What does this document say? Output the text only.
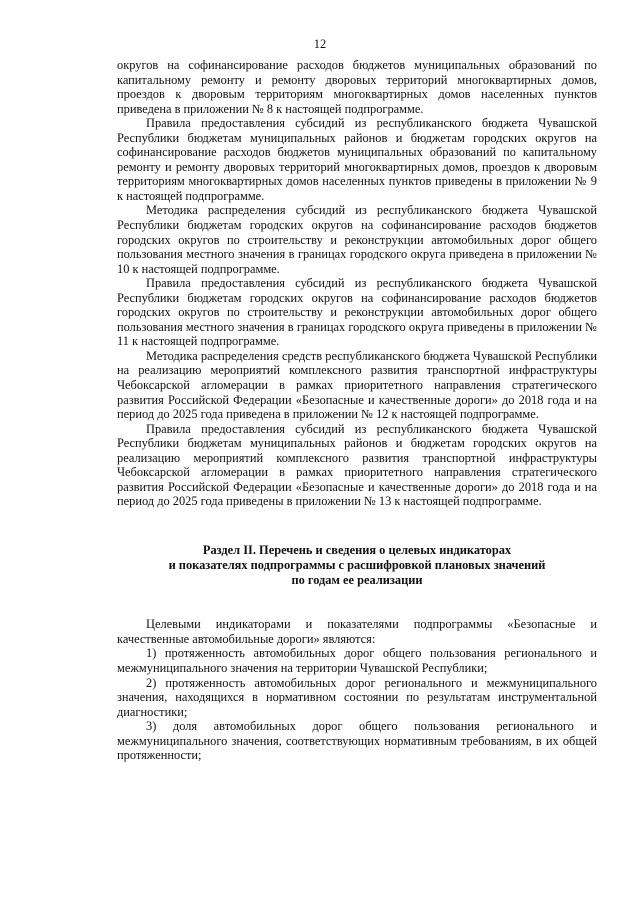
12

округов на софинансирование расходов бюджетов муниципальных образований по капитальному ремонту и ремонту дворовых территорий многоквартирных домов, проездов к дворовым территориям многоквартирных домов населенных пунктов приведена в приложении № 8 к настоящей подпрограмме.

Правила предоставления субсидий из республиканского бюджета Чувашской Республики бюджетам муниципальных районов и бюджетам городских округов на софинансирование расходов бюджетов муниципальных образований по капитальному ремонту и ремонту дворовых территорий многоквартирных домов, проездов к дворовым территориям многоквартирных домов населенных пунктов приведены в приложении № 9 к настоящей подпрограмме.

Методика распределения субсидий из республиканского бюджета Чувашской Республики бюджетам городских округов на софинансирование расходов бюджетов городских округов по строительству и реконструкции автомобильных дорог общего пользования местного значения в границах городского округа приведена в приложении № 10 к настоящей подпрограмме.

Правила предоставления субсидий из республиканского бюджета Чувашской Республики бюджетам городских округов на софинансирование расходов бюджетов городских округов по строительству и реконструкции автомобильных дорог общего пользования местного значения в границах городского округа приведены в приложении № 11 к настоящей подпрограмме.

Методика распределения средств республиканского бюджета Чувашской Республики на реализацию мероприятий комплексного развития транспортной инфраструктуры Чебоксарской агломерации в рамках приоритетного направления стратегического развития Российской Федерации «Безопасные и качественные дороги» до 2018 года и на период до 2025 года приведена в приложении № 12 к настоящей подпрограмме.

Правила предоставления субсидий из республиканского бюджета Чувашской Республики бюджетам муниципальных районов и бюджетам городских округов на реализацию мероприятий комплексного развития транспортной инфраструктуры Чебоксарской агломерации в рамках приоритетного направления стратегического развития Российской Федерации «Безопасные и качественные дороги» до 2018 года и на период до 2025 года приведены в приложении № 13 к настоящей подпрограмме.

Раздел II. Перечень и сведения о целевых индикаторах
и показателях подпрограммы с расшифровкой плановых значений
по годам ее реализации

Целевыми индикаторами и показателями подпрограммы «Безопасные и качественные автомобильные дороги» являются:

1) протяженность автомобильных дорог общего пользования регионального и межмуниципального значения на территории Чувашской Республики;

2) протяженность автомобильных дорог регионального и межмуниципального значения, находящихся в нормативном состоянии по результатам инструментальной диагностики;

3) доля автомобильных дорог общего пользования регионального и межмуниципального значения, соответствующих нормативным требованиям, в их общей протяженности;
